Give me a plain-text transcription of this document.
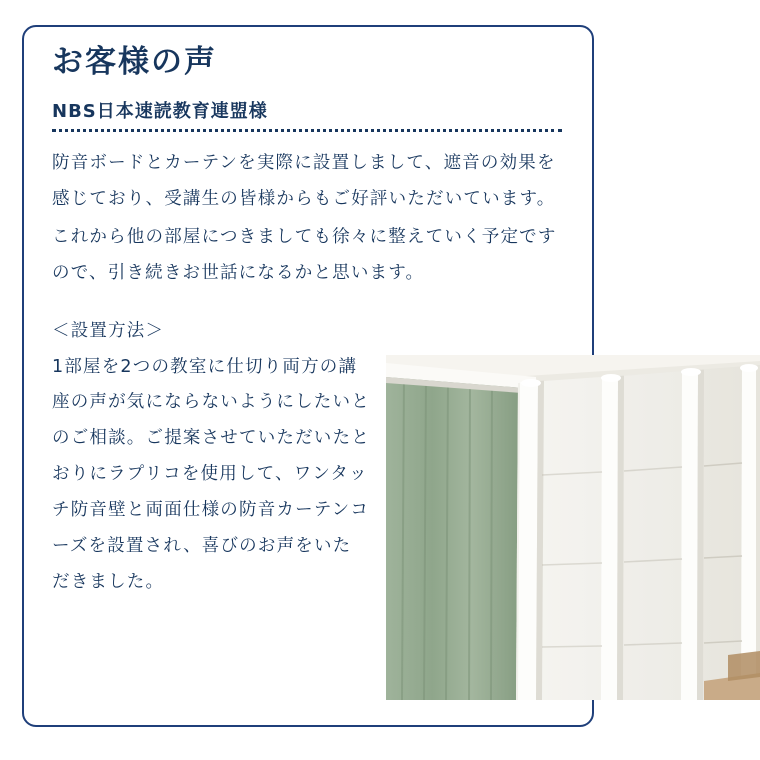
お客様の声
NBS日本速読教育連盟様

防音ボードとカーテンを実際に設置しまして、遮音の効果を感じており、受講生の皆様からもご好評いただいています。

これから他の部屋につきましても徐々に整えていく予定ですので、引き続きお世話になるかと思います。

＜設置方法＞

1部屋を2つの教室に仕切り両方の講座の声が気にならないようにしたいとのご相談。ご提案させていただいたとおりにラプリコを使用して、ワンタッチ防音壁と両面仕様の防音カーテンコーズを設置され、喜びのお声をいただきました。
